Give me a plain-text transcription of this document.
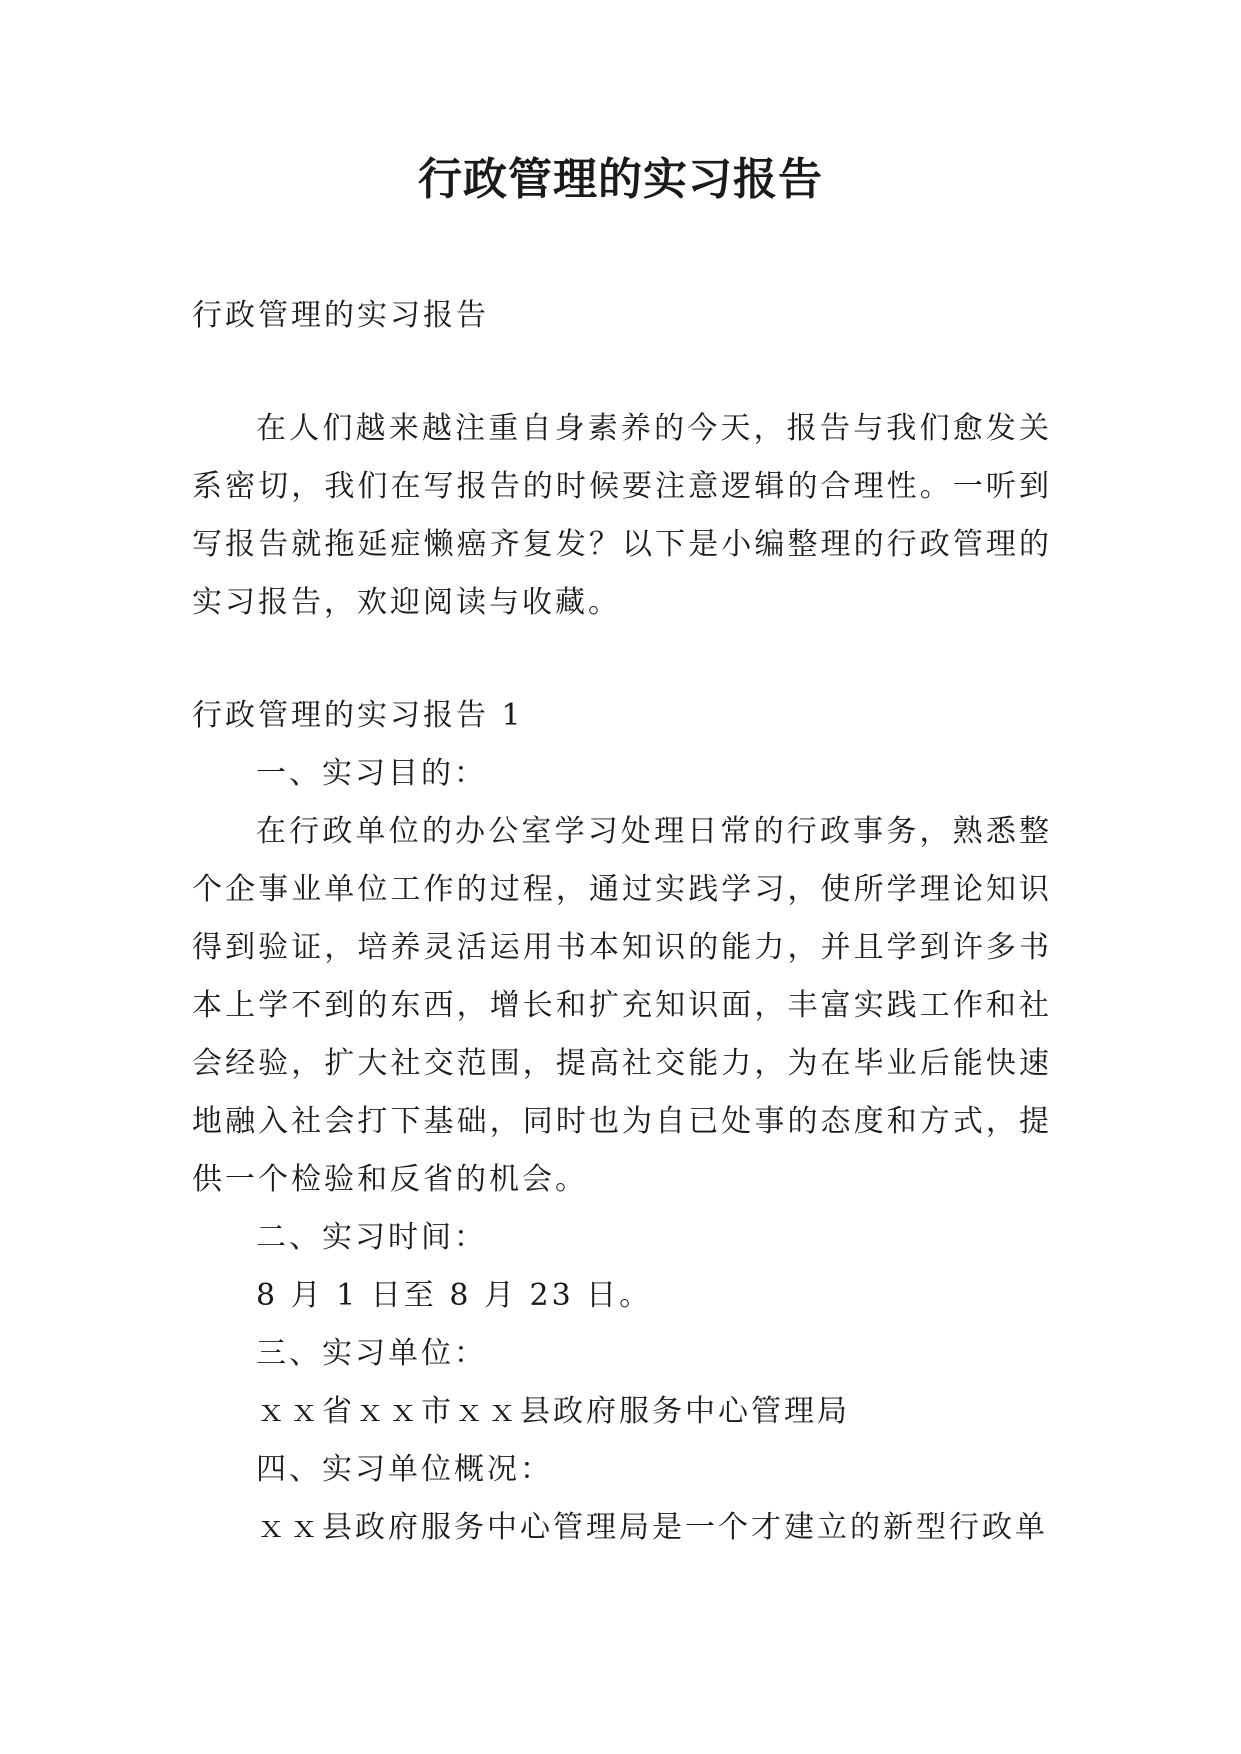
行政管理的实习报告

行政管理的实习报告

在人们越来越注重自身素养的今天，报告与我们愈发关系密切，我们在写报告的时候要注意逻辑的合理性。一听到写报告就拖延症懒癌齐复发？以下是小编整理的行政管理的实习报告，欢迎阅读与收藏。

行政管理的实习报告 1

一、实习目的：

在行政单位的办公室学习处理日常的行政事务，熟悉整个企事业单位工作的过程，通过实践学习，使所学理论知识得到验证，培养灵活运用书本知识的能力，并且学到许多书本上学不到的东西，增长和扩充知识面，丰富实践工作和社会经验，扩大社交范围，提高社交能力，为在毕业后能快速地融入社会打下基础，同时也为自已处事的态度和方式，提供一个检验和反省的机会。

二、实习时间：

8 月 1 日至 8 月 23 日。

三、实习单位：

ｘｘ省ｘｘ市ｘｘ县政府服务中心管理局

四、实习单位概况：

ｘｘ县政府服务中心管理局是一个才建立的新型行政单
